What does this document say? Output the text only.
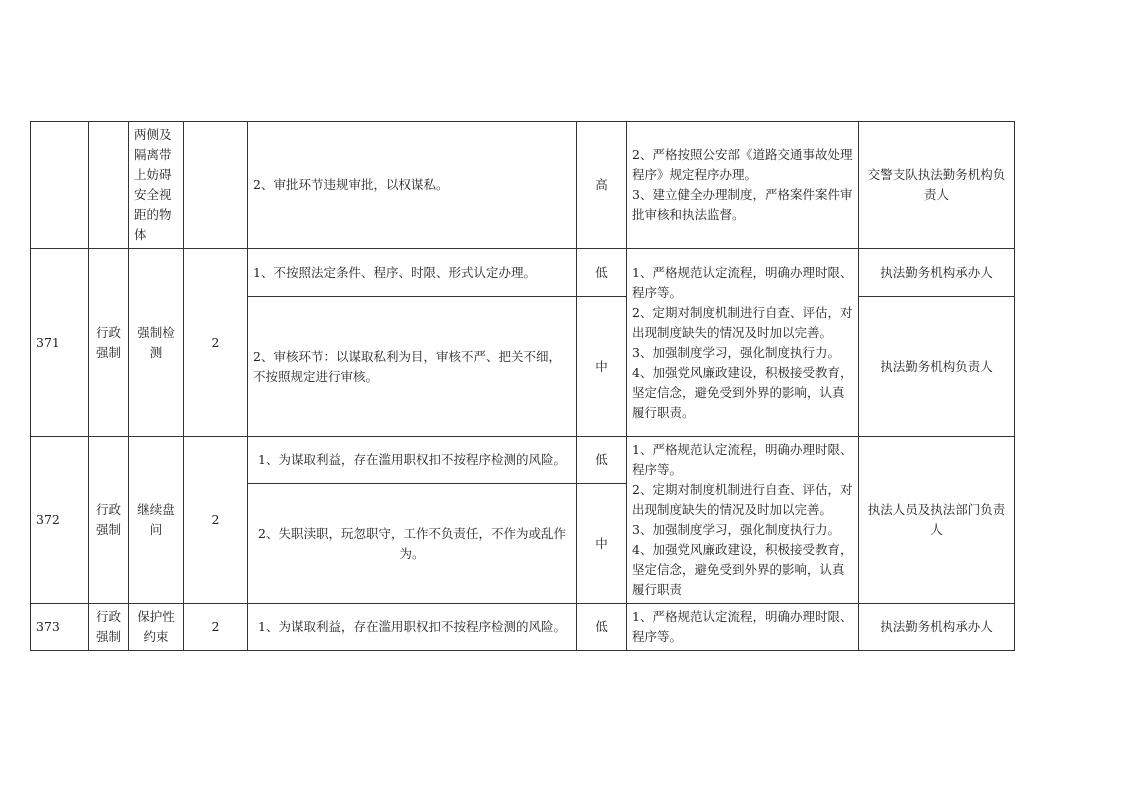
		两侧及隔离带上妨碍安全视距的物体		2、审批环节违规审批，以权谋私。	高	2、严格按照公安部《道路交通事故处理程序》规定程序办理。
3、建立健全办理制度，严格案件案件审批审核和执法监督。	交警支队执法勤务机构负责人
371	行政强制	强制检测	2	1、不按照法定条件、程序、时限、形式认定办理。	低	1、严格规范认定流程，明确办理时限、程序等。
2、定期对制度机制进行自查、评估，对出现制度缺失的情况及时加以完善。
3、加强制度学习，强化制度执行力。
4、加强党风廉政建设，积极接受教育，坚定信念，避免受到外界的影响，认真履行职责。	执法勤务机构承办人
				2、审核环节：以谋取私利为目，审核不严、把关不细，不按照规定进行审核。	中		执法勤务机构负责人
372	行政强制	继续盘问	2	1、为谋取利益，存在滥用职权扣不按程序检测的风险。	低	1、严格规范认定流程，明确办理时限、程序等。
2、定期对制度机制进行自查、评估，对出现制度缺失的情况及时加以完善。
3、加强制度学习，强化制度执行力。
4、加强党风廉政建设，积极接受教育，坚定信念，避免受到外界的影响，认真履行职责	执法人员及执法部门负责人
				2、失职渎职，玩忽职守，工作不负责任，不作为或乱作为。	中		
373	行政强制	保护性约束	2	1、为谋取利益，存在滥用职权扣不按程序检测的风险。	低	1、严格规范认定流程，明确办理时限、程序等。	执法勤务机构承办人
